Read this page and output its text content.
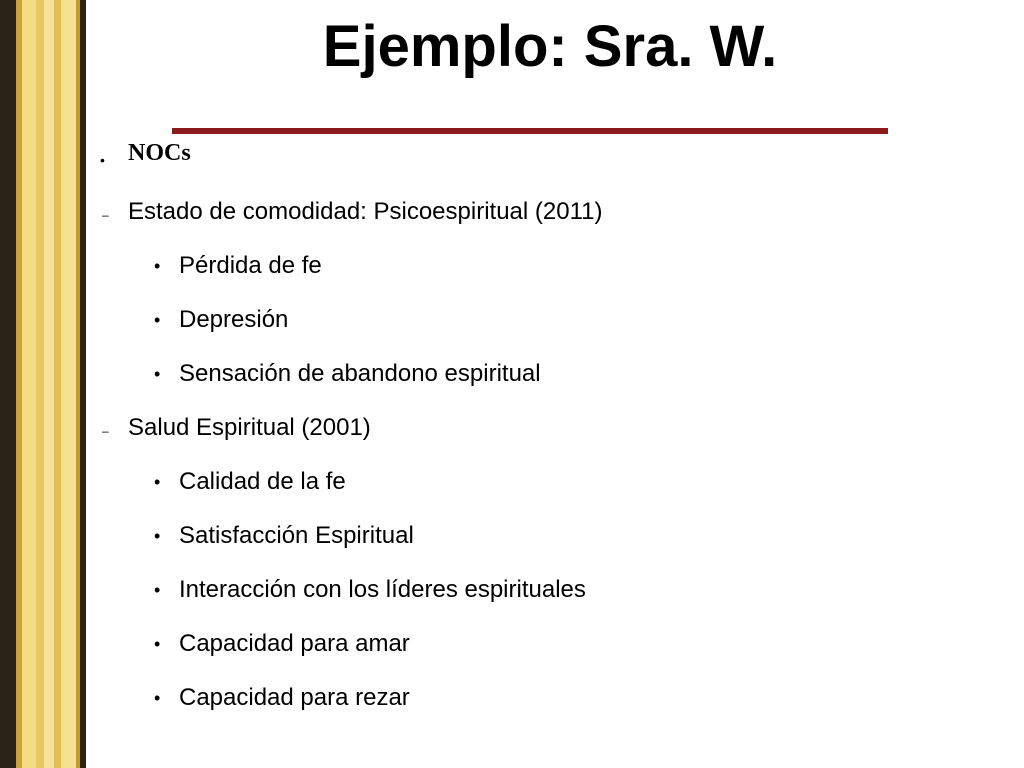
Ejemplo: Sra. W.
• NOCs
– Estado de comodidad: Psicoespiritual (2011)
• Pérdida de fe
• Depresión
• Sensación de abandono espiritual
– Salud Espiritual (2001)
• Calidad de la fe
• Satisfacción Espiritual
• Interacción con los líderes espirituales
• Capacidad para amar
• Capacidad para rezar
